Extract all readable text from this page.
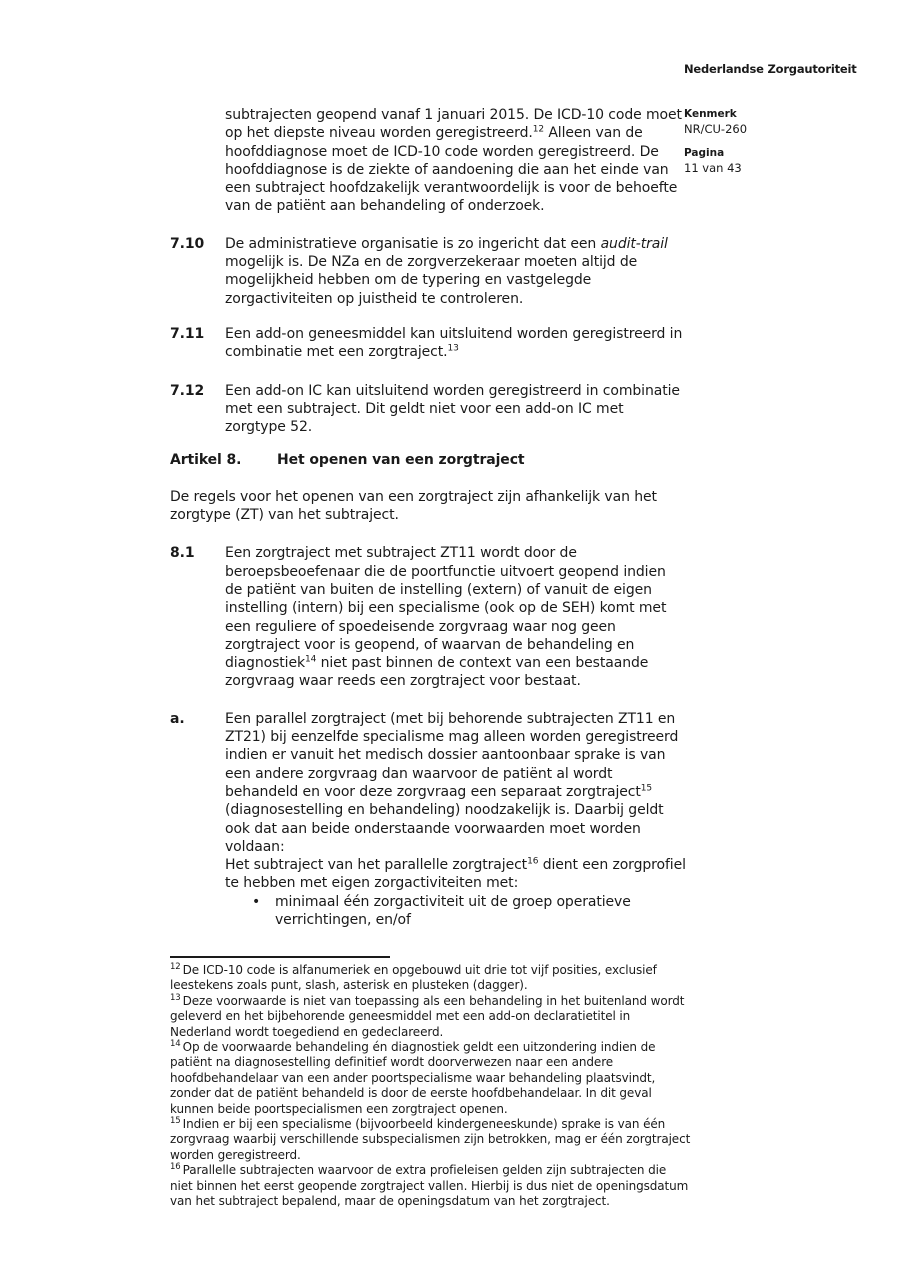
Nederlandse Zorgautoriteit
Kenmerk
NR/CU-260
Pagina
11 van 43
subtrajecten geopend vanaf 1 januari 2015. De ICD-10 code moet op het diepste niveau worden geregistreerd.$^{12}$ Alleen van de hoofddiagnose moet de ICD-10 code worden geregistreerd. De hoofddiagnose is de ziekte of aandoening die aan het einde van een subtraject hoofdzakelijk verantwoordelijk is voor de behoefte van de patiënt aan behandeling of onderzoek.
7.10	De administratieve organisatie is zo ingericht dat een audit-trail mogelijk is. De NZa en de zorgverzekeraar moeten altijd de mogelijkheid hebben om de typering en vastgelegde zorgactiviteiten op juistheid te controleren.
7.11	Een add-on geneesmiddel kan uitsluitend worden geregistreerd in combinatie met een zorgtraject.$^{13}$
7.12	Een add-on IC kan uitsluitend worden geregistreerd in combinatie met een subtraject. Dit geldt niet voor een add-on IC met zorgtype 52.
Artikel 8.	Het openen van een zorgtraject
De regels voor het openen van een zorgtraject zijn afhankelijk van het zorgtype (ZT) van het subtraject.
8.1	Een zorgtraject met subtraject ZT11 wordt door de beroepsbeoefenaar die de poortfunctie uitvoert geopend indien de patiënt van buiten de instelling (extern) of vanuit de eigen instelling (intern) bij een specialisme (ook op de SEH) komt met een reguliere of spoedeisende zorgvraag waar nog geen zorgtraject voor is geopend, of waarvan de behandeling en diagnostiek$^{14}$ niet past binnen de context van een bestaande zorgvraag waar reeds een zorgtraject voor bestaat.
a.	Een parallel zorgtraject (met bij behorende subtrajecten ZT11 en ZT21) bij eenzelfde specialisme mag alleen worden geregistreerd indien er vanuit het medisch dossier aantoonbaar sprake is van een andere zorgvraag dan waarvoor de patiënt al wordt behandeld en voor deze zorgvraag een separaat zorgtraject$^{15}$ (diagnosestelling en behandeling) noodzakelijk is. Daarbij geldt ook dat aan beide onderstaande voorwaarden moet worden voldaan:
Het subtraject van het parallelle zorgtraject$^{16}$ dient een zorgprofiel te hebben met eigen zorgactiviteiten met:
• minimaal één zorgactiviteit uit de groep operatieve verrichtingen, en/of
$^{12}$ De ICD-10 code is alfanumeriek en opgebouwd uit drie tot vijf posities, exclusief leestekens zoals punt, slash, asterisk en plusteken (dagger).
$^{13}$ Deze voorwaarde is niet van toepassing als een behandeling in het buitenland wordt geleverd en het bijbehorende geneesmiddel met een add-on declaratietitel in Nederland wordt toegediend en gedeclareerd.
$^{14}$ Op de voorwaarde behandeling én diagnostiek geldt een uitzondering indien de patiënt na diagnosestelling definitief wordt doorverwezen naar een andere hoofdbehandelaar van een ander poortspecialisme waar behandeling plaatsvindt, zonder dat de patiënt behandeld is door de eerste hoofdbehandelaar. In dit geval kunnen beide poortspecialismen een zorgtraject openen.
$^{15}$ Indien er bij een specialisme (bijvoorbeeld kindergeneeskunde) sprake is van één zorgvraag waarbij verschillende subspecialismen zijn betrokken, mag er één zorgtraject worden geregistreerd.
$^{16}$ Parallelle subtrajecten waarvoor de extra profieleisen gelden zijn subtrajecten die niet binnen het eerst geopende zorgtraject vallen. Hierbij is dus niet de openingsdatum van het subtraject bepalend, maar de openingsdatum van het zorgtraject.
